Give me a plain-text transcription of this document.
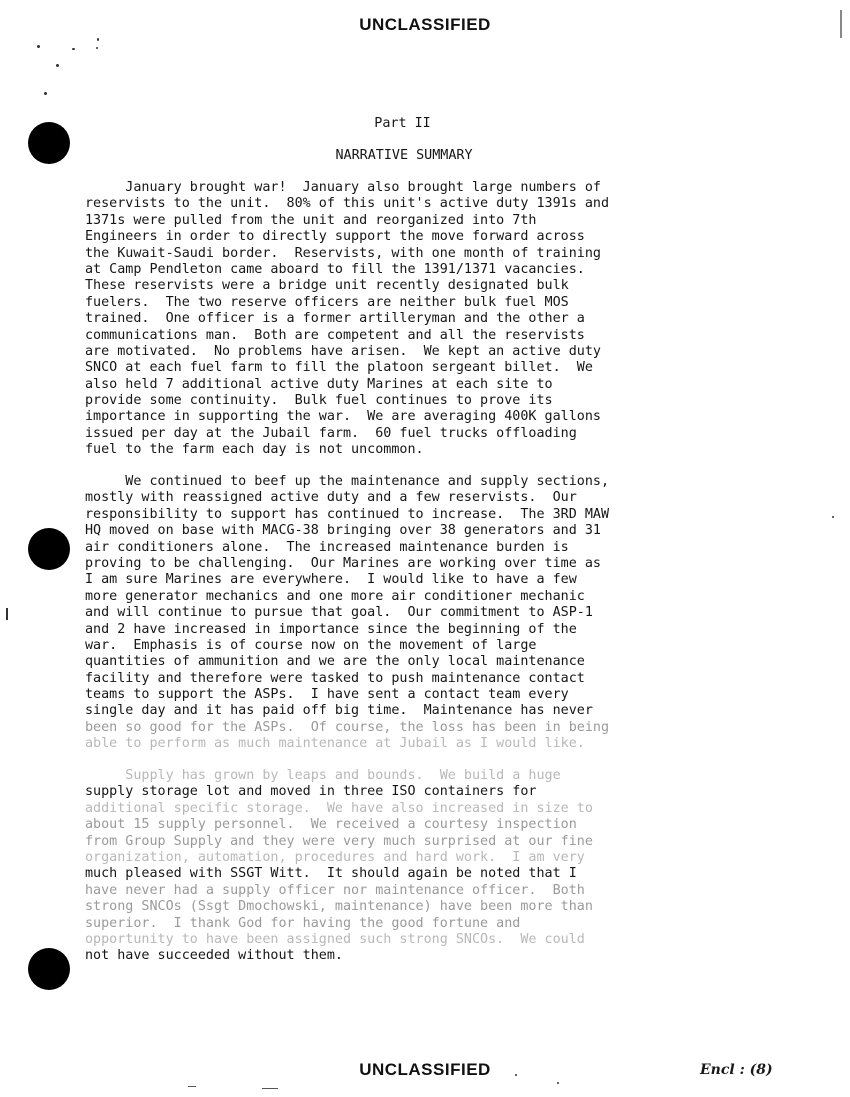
UNCLASSIFIED
Part II
NARRATIVE SUMMARY
January brought war!  January also brought large numbers of
reservists to the unit.  80% of this unit's active duty 1391s and
1371s were pulled from the unit and reorganized into 7th
Engineers in order to directly support the move forward across
the Kuwait-Saudi border.  Reservists, with one month of training
at Camp Pendleton came aboard to fill the 1391/1371 vacancies.
These reservists were a bridge unit recently designated bulk
fuelers.  The two reserve officers are neither bulk fuel MOS
trained.  One officer is a former artilleryman and the other a
communications man.  Both are competent and all the reservists
are motivated.  No problems have arisen.  We kept an active duty
SNCO at each fuel farm to fill the platoon sergeant billet.  We
also held 7 additional active duty Marines at each site to
provide some continuity.  Bulk fuel continues to prove its
importance in supporting the war.  We are averaging 400K gallons
issued per day at the Jubail farm.  60 fuel trucks offloading
fuel to the farm each day is not uncommon.
We continued to beef up the maintenance and supply sections,
mostly with reassigned active duty and a few reservists.  Our
responsibility to support has continued to increase.  The 3RD MAW
HQ moved on base with MACG-38 bringing over 38 generators and 31
air conditioners alone.  The increased maintenance burden is
proving to be challenging.  Our Marines are working over time as
I am sure Marines are everywhere.  I would like to have a few
more generator mechanics and one more air conditioner mechanic
and will continue to pursue that goal.  Our commitment to ASP-1
and 2 have increased in importance since the beginning of the
war.  Emphasis is of course now on the movement of large
quantities of ammunition and we are the only local maintenance
facility and therefore were tasked to push maintenance contact
teams to support the ASPs.  I have sent a contact team every
single day and it has paid off big time.  Maintenance has never
been so good for the ASPs.  Of course, the loss has been in being
able to perform as much maintenance at Jubail as I would like.
Supply has grown by leaps and bounds.  We build a huge
supply storage lot and moved in three ISO containers for
additional specific storage.  We have also increased in size to
about 15 supply personnel.  We received a courtesy inspection
from Group Supply and they were very much surprised at our fine
organization, automation, procedures and hard work.  I am very
much pleased with SSGT Witt.  It should again be noted that I
have never had a supply officer nor maintenance officer.  Both
strong SNCOs (Ssgt Dmochowski, maintenance) have been more than
superior.  I thank God for having the good fortune and
opportunity to have been assigned such strong SNCOs.  We could
not have succeeded without them.
UNCLASSIFIED	Encl : (8)
